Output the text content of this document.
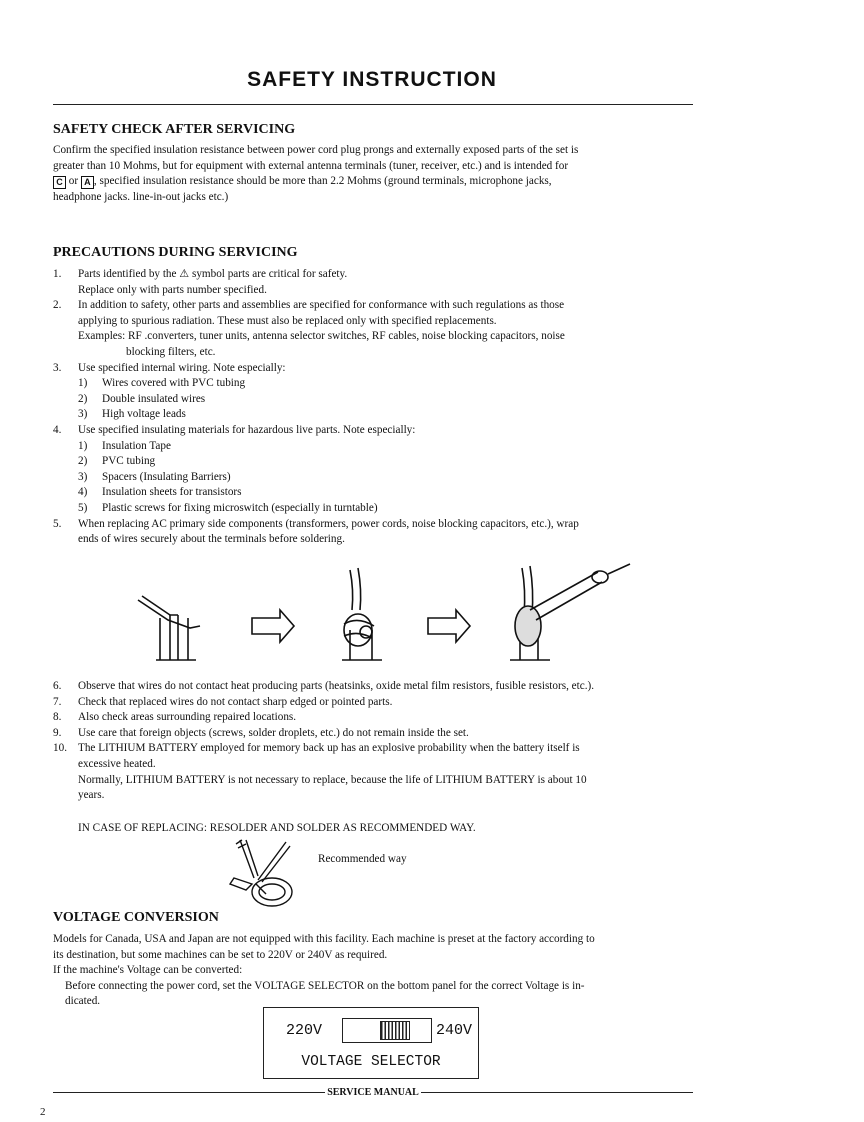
SAFETY INSTRUCTION
SAFETY CHECK AFTER SERVICING
Confirm the specified insulation resistance between power cord plug prongs and externally exposed parts of the set is
greater than 10 Mohms, but for equipment with external antenna terminals (tuner, receiver, etc.) and is intended for
C or A , specified insulation resistance should be more than 2.2 Mohms (ground terminals, microphone jacks,
headphone jacks. line-in-out jacks etc.)
PRECAUTIONS DURING SERVICING
1. Parts identified by the ⚠ symbol parts are critical for safety.
Replace only with parts number specified.
2. In addition to safety, other parts and assemblies are specified for conformance with such regulations as those
applying to spurious radiation. These must also be replaced only with specified replacements.
Examples: RF .converters, tuner units, antenna selector switches, RF cables, noise blocking capacitors, noise
blocking filters, etc.
3. Use specified internal wiring. Note especially:
1) Wires covered with PVC tubing
2) Double insulated wires
3) High voltage leads
4. Use specified insulating materials for hazardous live parts. Note especially:
1) Insulation Tape
2) PVC tubing
3) Spacers (Insulating Barriers)
4) Insulation sheets for transistors
5) Plastic screws for fixing microswitch (especially in turntable)
5. When replacing AC primary side components (transformers, power cords, noise blocking capacitors, etc.), wrap
ends of wires securely about the terminals before soldering.
6. Observe that wires do not contact heat producing parts (heatsinks, oxide metal film resistors, fusible resistors, etc.).
7. Check that replaced wires do not contact sharp edged or pointed parts.
8. Also check areas surrounding repaired locations.
9. Use care that foreign objects (screws, solder droplets, etc.) do not remain inside the set.
10. The LITHIUM BATTERY employed for memory back up has an explosive probability when the battery itself is
excessive heated.
Normally, LITHIUM BATTERY is not necessary to replace, because the life of LITHIUM BATTERY is about 10
years.
IN CASE OF REPLACING: RESOLDER AND SOLDER AS RECOMMENDED WAY.
Recommended way
VOLTAGE CONVERSION
Models for Canada, USA and Japan are not equipped with this facility. Each machine is preset at the factory according to
its destination, but some machines can be set to 220V or 240V as required.
If the machine's Voltage can be converted:
Before connecting the power cord, set the VOLTAGE SELECTOR on the bottom panel for the correct Voltage is in-
dicated.
220V	240V
VOLTAGE SELECTOR
SERVICE MANUAL
2
